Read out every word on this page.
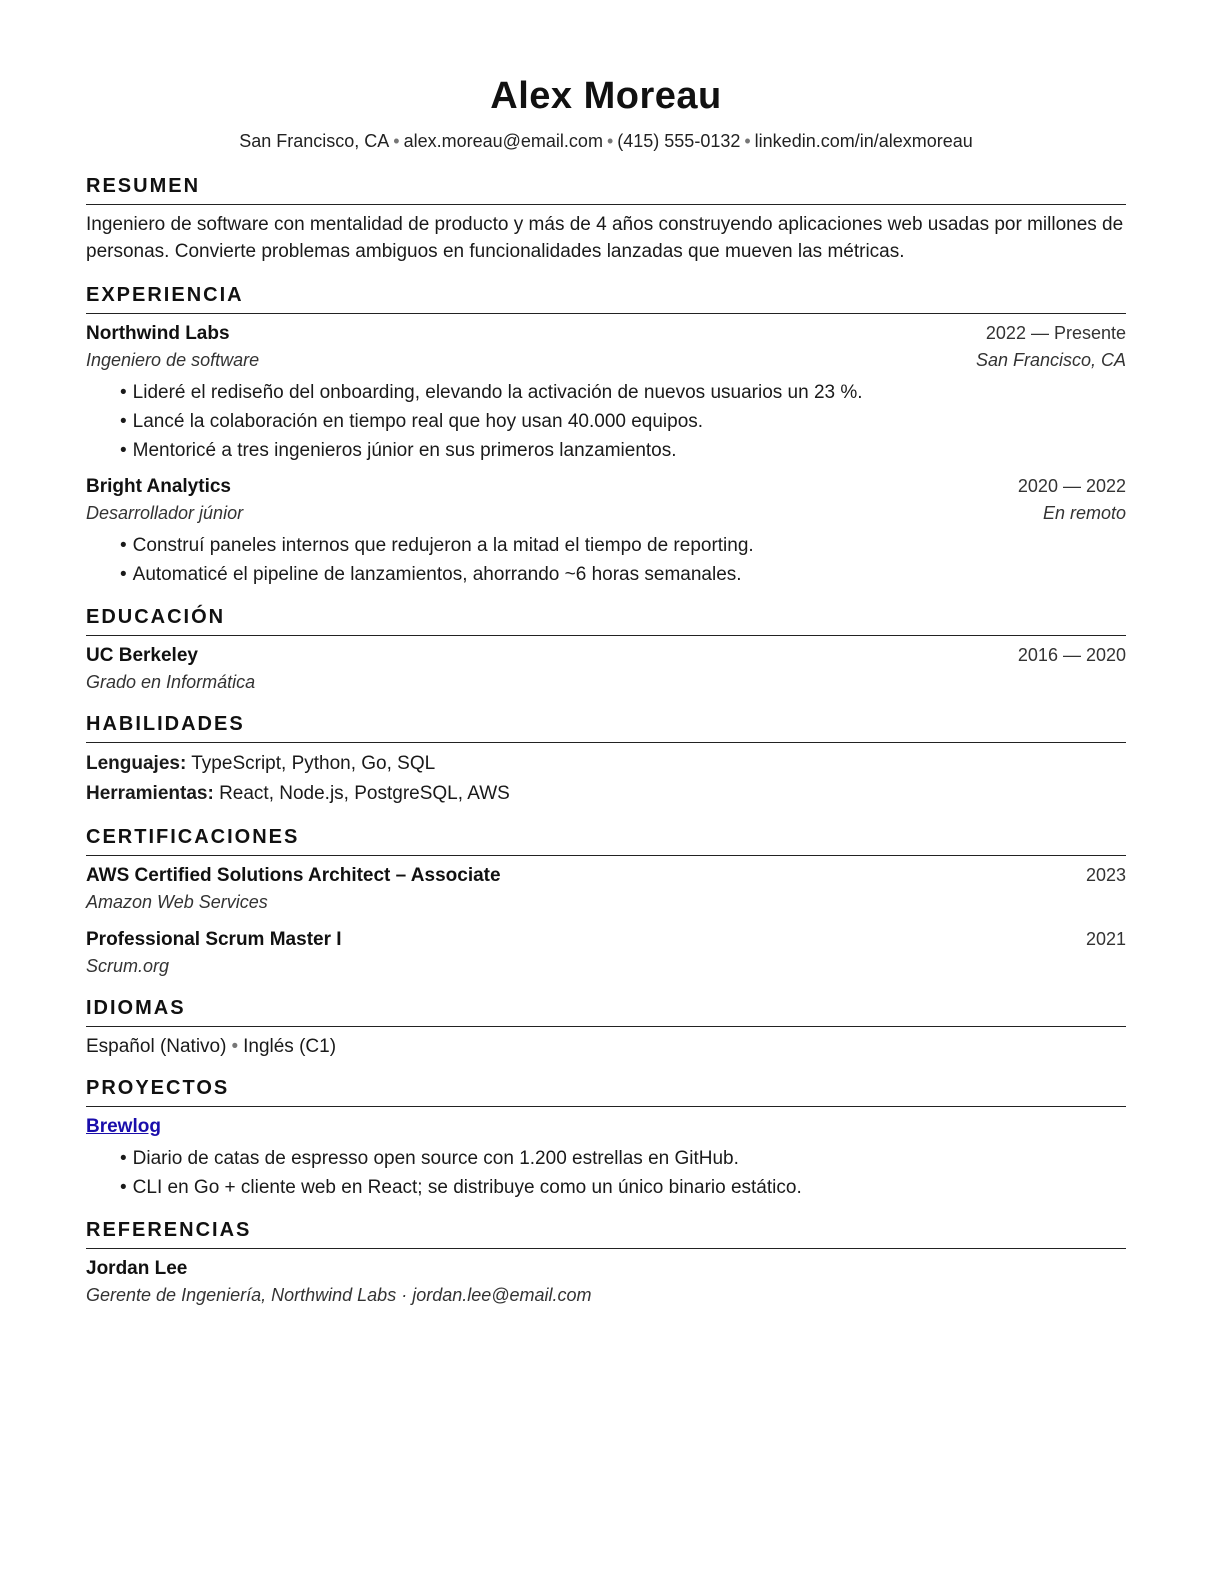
Alex Moreau
San Francisco, CA • alex.moreau@email.com • (415) 555-0132 • linkedin.com/in/alexmoreau
RESUMEN
Ingeniero de software con mentalidad de producto y más de 4 años construyendo aplicaciones web usadas por millones de personas. Convierte problemas ambiguos en funcionalidades lanzadas que mueven las métricas.
EXPERIENCIA
Northwind Labs	2022 — Presente
Ingeniero de software	San Francisco, CA
• Lideré el rediseño del onboarding, elevando la activación de nuevos usuarios un 23 %.
• Lancé la colaboración en tiempo real que hoy usan 40.000 equipos.
• Mentoricé a tres ingenieros júnior en sus primeros lanzamientos.
Bright Analytics	2020 — 2022
Desarrollador júnior	En remoto
• Construí paneles internos que redujeron a la mitad el tiempo de reporting.
• Automaticé el pipeline de lanzamientos, ahorrando ~6 horas semanales.
EDUCACIÓN
UC Berkeley	2016 — 2020
Grado en Informática
HABILIDADES
Lenguajes: TypeScript, Python, Go, SQL
Herramientas: React, Node.js, PostgreSQL, AWS
CERTIFICACIONES
AWS Certified Solutions Architect – Associate	2023
Amazon Web Services
Professional Scrum Master I	2021
Scrum.org
IDIOMAS
Español (Nativo) • Inglés (C1)
PROYECTOS
Brewlog
• Diario de catas de espresso open source con 1.200 estrellas en GitHub.
• CLI en Go + cliente web en React; se distribuye como un único binario estático.
REFERENCIAS
Jordan Lee
Gerente de Ingeniería, Northwind Labs · jordan.lee@email.com
